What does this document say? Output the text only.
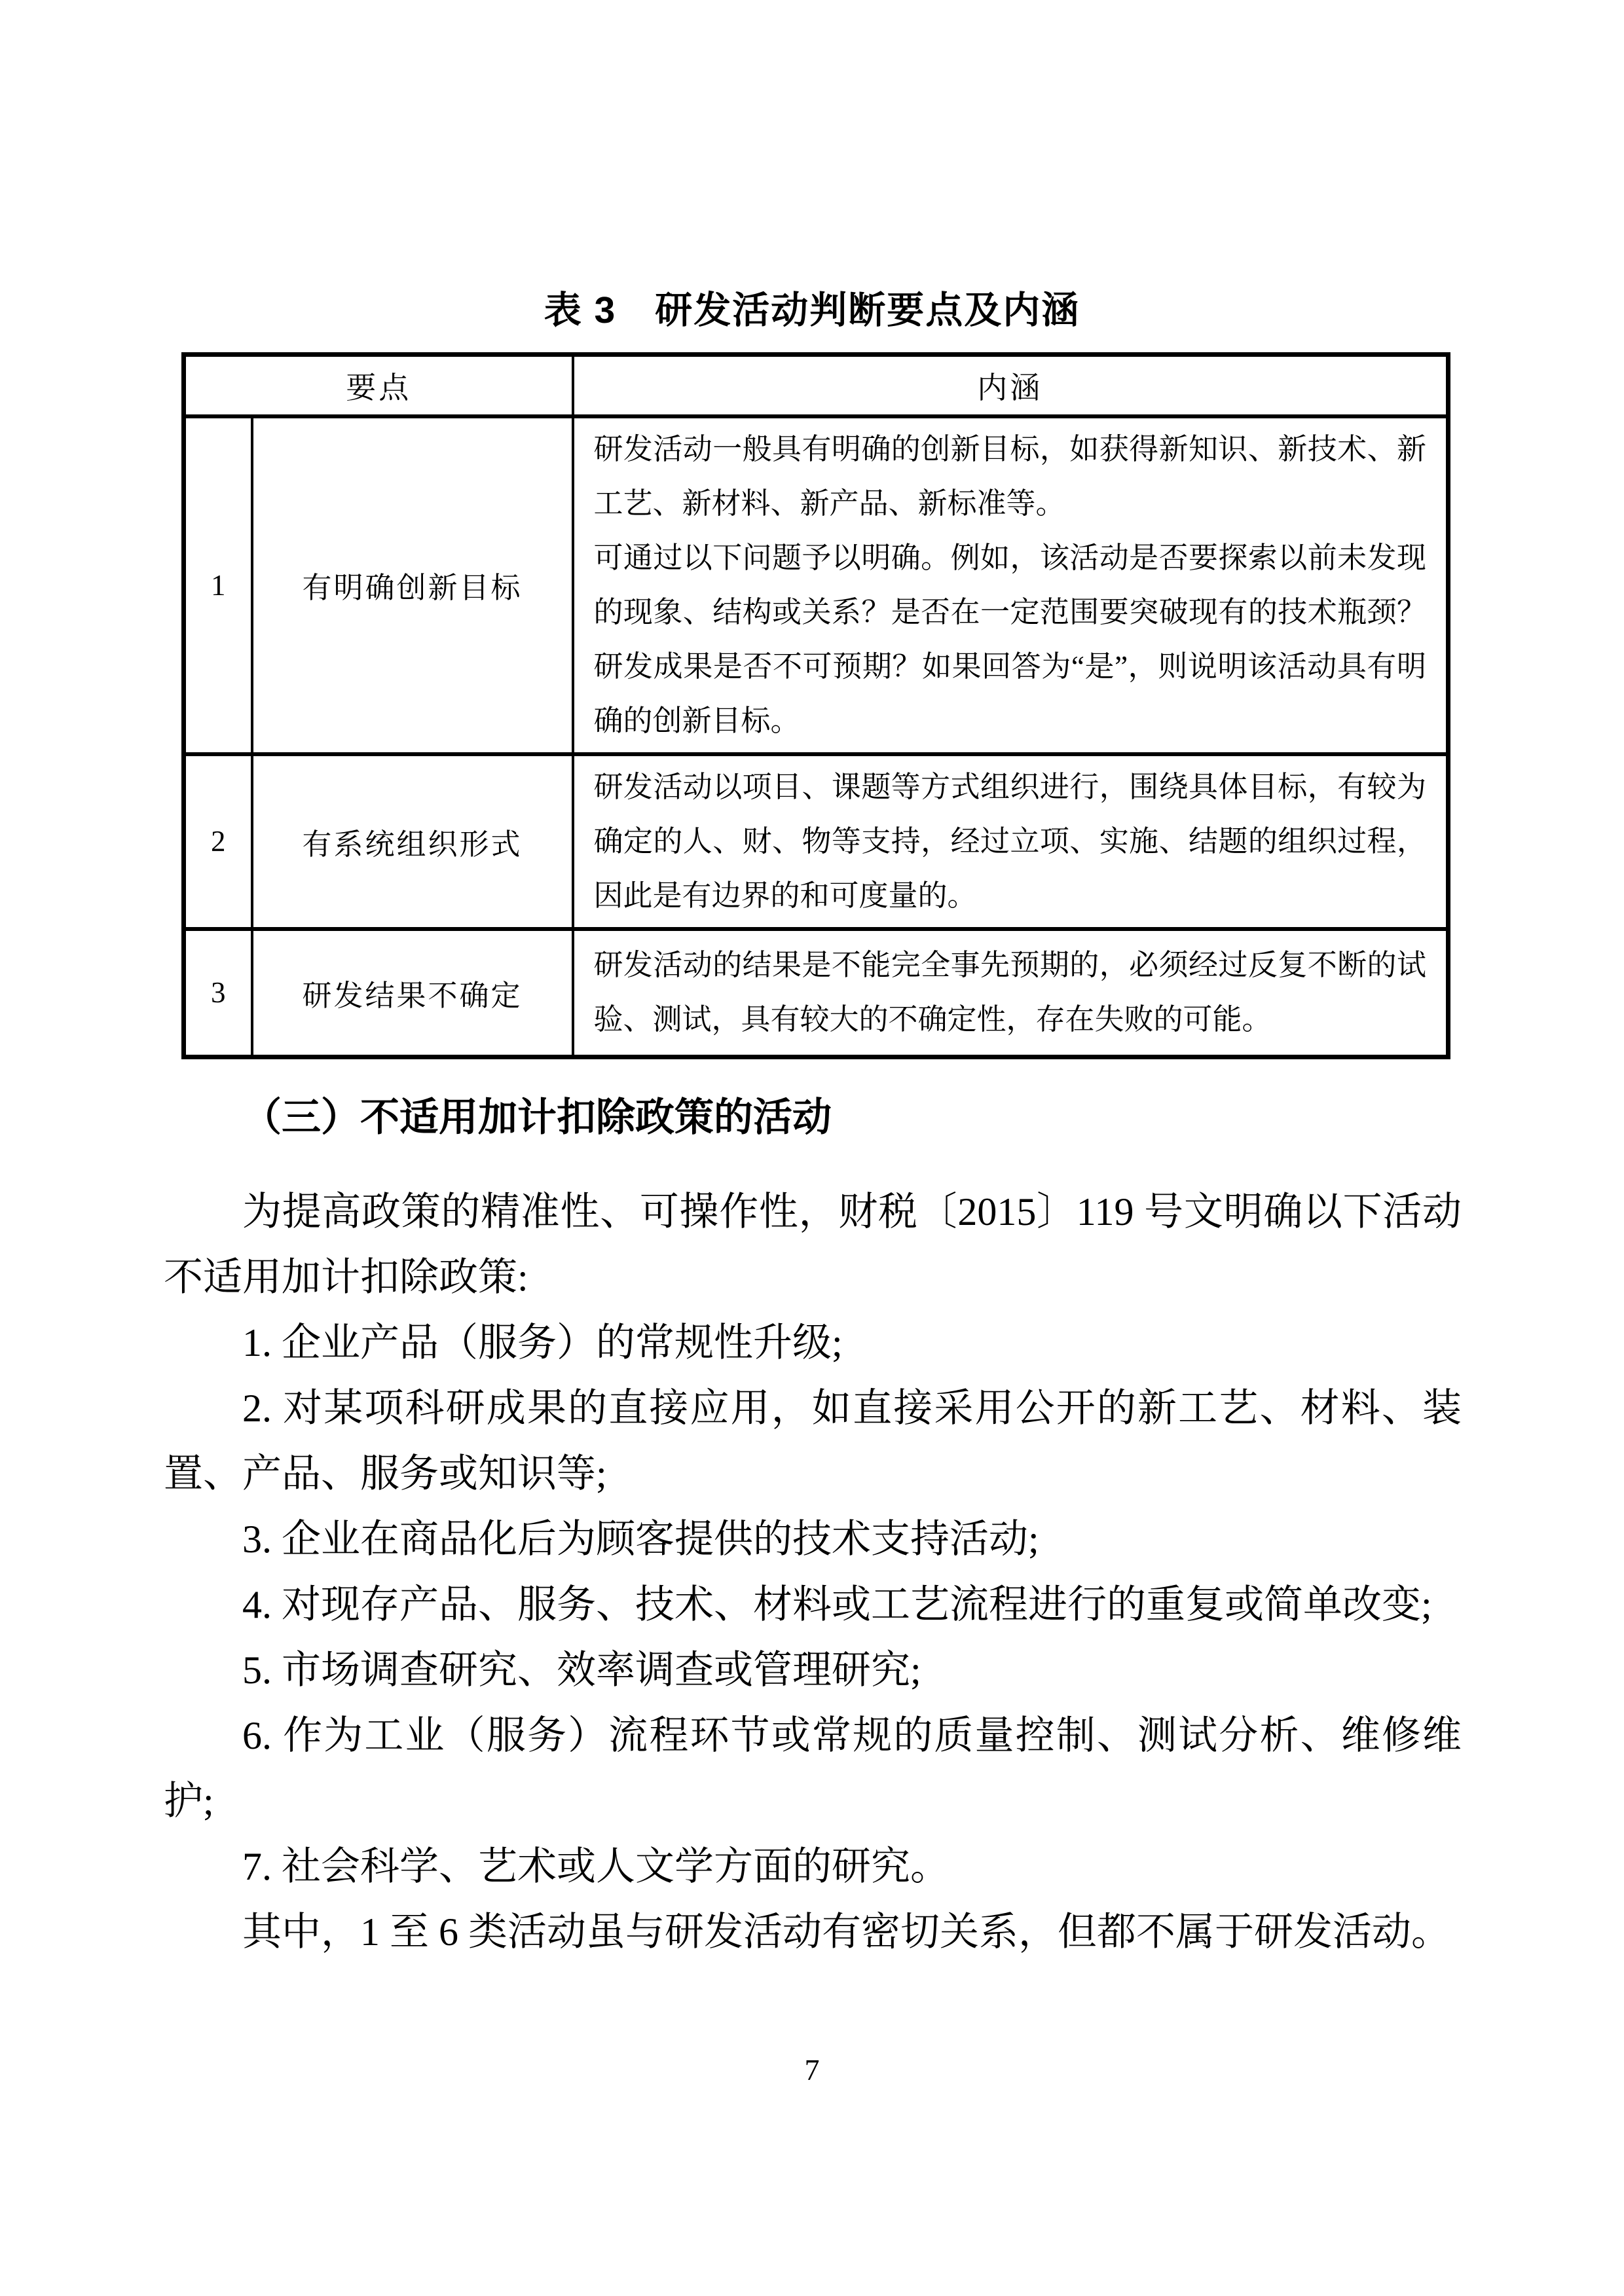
表 3　研发活动判断要点及内涵
要点		内涵
1	有明确创新目标	研发活动一般具有明确的创新目标，如获得新知识、新技术、新工艺、新材料、新产品、新标准等。

可通过以下问题予以明确。例如，该活动是否要探索以前未发现的现象、结构或关系？是否在一定范围要突破现有的技术瓶颈？研发成果是否不可预期？如果回答为“是”，则说明该活动具有明确的创新目标。

2	有系统组织形式	研发活动以项目、课题等方式组织进行，围绕具体目标，有较为确定的人、财、物等支持，经过立项、实施、结题的组织过程，因此是有边界的和可度量的。

3	研发结果不确定	研发活动的结果是不能完全事先预期的，必须经过反复不断的试验、测试，具有较大的不确定性，存在失败的可能。

（三）不适用加计扣除政策的活动

为提高政策的精准性、可操作性，财税〔2015〕119 号文明确以下活动不适用加计扣除政策:

1. 企业产品（服务）的常规性升级;

2. 对某项科研成果的直接应用，如直接采用公开的新工艺、材料、装置、产品、服务或知识等;

3. 企业在商品化后为顾客提供的技术支持活动;

4. 对现存产品、服务、技术、材料或工艺流程进行的重复或简单改变;

5. 市场调查研究、效率调查或管理研究;

6. 作为工业（服务）流程环节或常规的质量控制、测试分析、维修维护;

7. 社会科学、艺术或人文学方面的研究。

其中，1 至 6 类活动虽与研发活动有密切关系，但都不属于研发活动。

7
